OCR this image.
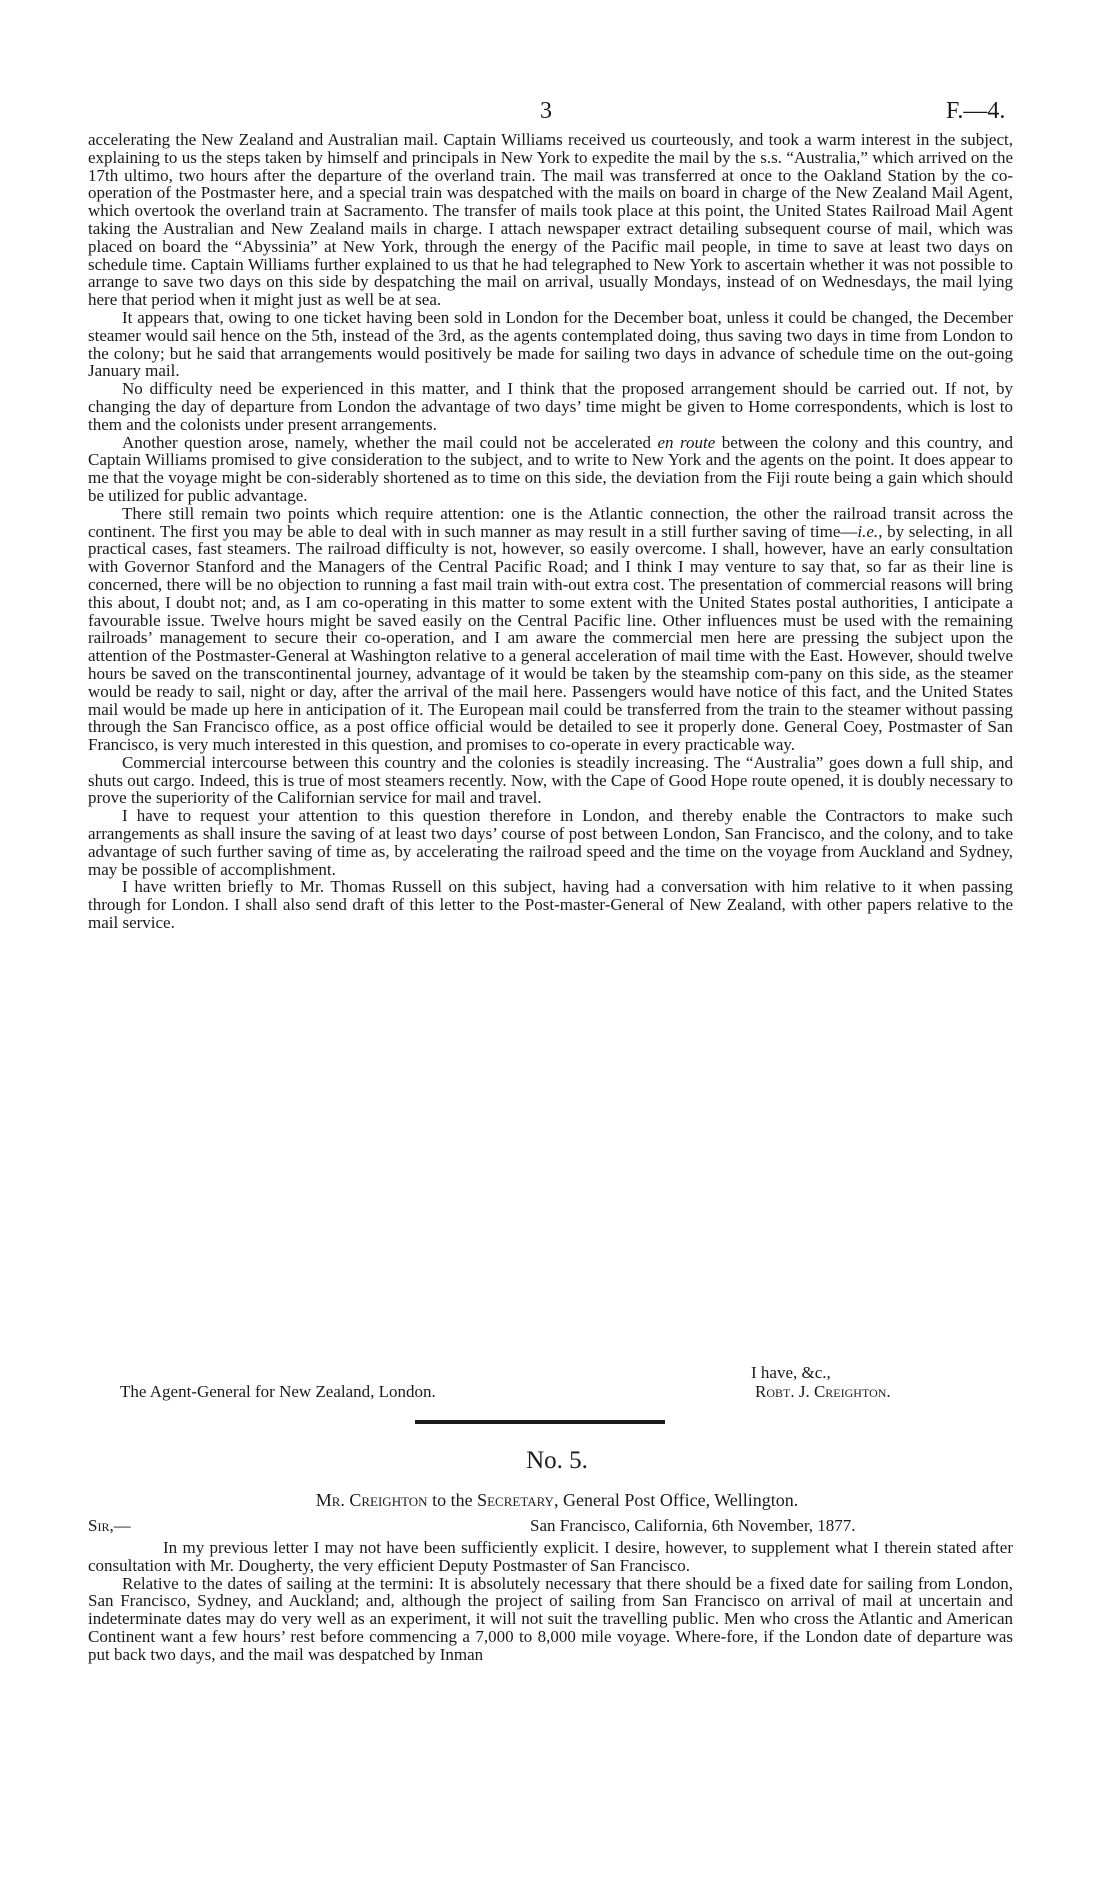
3	F.—4.

accelerating the New Zealand and Australian mail. Captain Williams received us courteously, and took a warm interest in the subject, explaining to us the steps taken by himself and principals in New York to expedite the mail by the s.s. “Australia,” which arrived on the 17th ultimo, two hours after the departure of the overland train. The mail was transferred at once to the Oakland Station by the co-operation of the Postmaster here, and a special train was despatched with the mails on board in charge of the New Zealand Mail Agent, which overtook the overland train at Sacramento. The transfer of mails took place at this point, the United States Railroad Mail Agent taking the Australian and New Zealand mails in charge. I attach newspaper extract detailing subsequent course of mail, which was placed on board the “Abyssinia” at New York, through the energy of the Pacific mail people, in time to save at least two days on schedule time. Captain Williams further explained to us that he had telegraphed to New York to ascertain whether it was not possible to arrange to save two days on this side by despatching the mail on arrival, usually Mondays, instead of on Wednesdays, the mail lying here that period when it might just as well be at sea.

It appears that, owing to one ticket having been sold in London for the December boat, unless it could be changed, the December steamer would sail hence on the 5th, instead of the 3rd, as the agents contemplated doing, thus saving two days in time from London to the colony; but he said that arrangements would positively be made for sailing two days in advance of schedule time on the out-going January mail.

No difficulty need be experienced in this matter, and I think that the proposed arrangement should be carried out. If not, by changing the day of departure from London the advantage of two days’ time might be given to Home correspondents, which is lost to them and the colonists under present arrangements.

Another question arose, namely, whether the mail could not be accelerated en route between the colony and this country, and Captain Williams promised to give consideration to the subject, and to write to New York and the agents on the point. It does appear to me that the voyage might be con-siderably shortened as to time on this side, the deviation from the Fiji route being a gain which should be utilized for public advantage.

There still remain two points which require attention: one is the Atlantic connection, the other the railroad transit across the continent. The first you may be able to deal with in such manner as may result in a still further saving of time—i.e., by selecting, in all practical cases, fast steamers. The railroad difficulty is not, however, so easily overcome. I shall, however, have an early consultation with Governor Stanford and the Managers of the Central Pacific Road; and I think I may venture to say that, so far as their line is concerned, there will be no objection to running a fast mail train with-out extra cost. The presentation of commercial reasons will bring this about, I doubt not; and, as I am co-operating in this matter to some extent with the United States postal authorities, I anticipate a favourable issue. Twelve hours might be saved easily on the Central Pacific line. Other influences must be used with the remaining railroads’ management to secure their co-operation, and I am aware the commercial men here are pressing the subject upon the attention of the Postmaster-General at Washington relative to a general acceleration of mail time with the East. However, should twelve hours be saved on the transcontinental journey, advantage of it would be taken by the steamship com-pany on this side, as the steamer would be ready to sail, night or day, after the arrival of the mail here. Passengers would have notice of this fact, and the United States mail would be made up here in anticipation of it. The European mail could be transferred from the train to the steamer without passing through the San Francisco office, as a post office official would be detailed to see it properly done. General Coey, Postmaster of San Francisco, is very much interested in this question, and promises to co-operate in every practicable way.

Commercial intercourse between this country and the colonies is steadily increasing. The “Australia” goes down a full ship, and shuts out cargo. Indeed, this is true of most steamers recently. Now, with the Cape of Good Hope route opened, it is doubly necessary to prove the superiority of the Californian service for mail and travel.

I have to request your attention to this question therefore in London, and thereby enable the Contractors to make such arrangements as shall insure the saving of at least two days’ course of post between London, San Francisco, and the colony, and to take advantage of such further saving of time as, by accelerating the railroad speed and the time on the voyage from Auckland and Sydney, may be possible of accomplishment.

I have written briefly to Mr. Thomas Russell on this subject, having had a conversation with him relative to it when passing through for London. I shall also send draft of this letter to the Post-master-General of New Zealand, with other papers relative to the mail service.

I have, &c.,
The Agent-General for New Zealand, London.	Robt. J. Creighton.
No. 5.
Mr. Creighton to the Secretary, General Post Office, Wellington.
Sir,—	San Francisco, California, 6th November, 1877.

In my previous letter I may not have been sufficiently explicit. I desire, however, to supplement what I therein stated after consultation with Mr. Dougherty, the very efficient Deputy Postmaster of San Francisco.

Relative to the dates of sailing at the termini: It is absolutely necessary that there should be a fixed date for sailing from London, San Francisco, Sydney, and Auckland; and, although the project of sailing from San Francisco on arrival of mail at uncertain and indeterminate dates may do very well as an experiment, it will not suit the travelling public. Men who cross the Atlantic and American Continent want a few hours’ rest before commencing a 7,000 to 8,000 mile voyage. Where-fore, if the London date of departure was put back two days, and the mail was despatched by Inman
